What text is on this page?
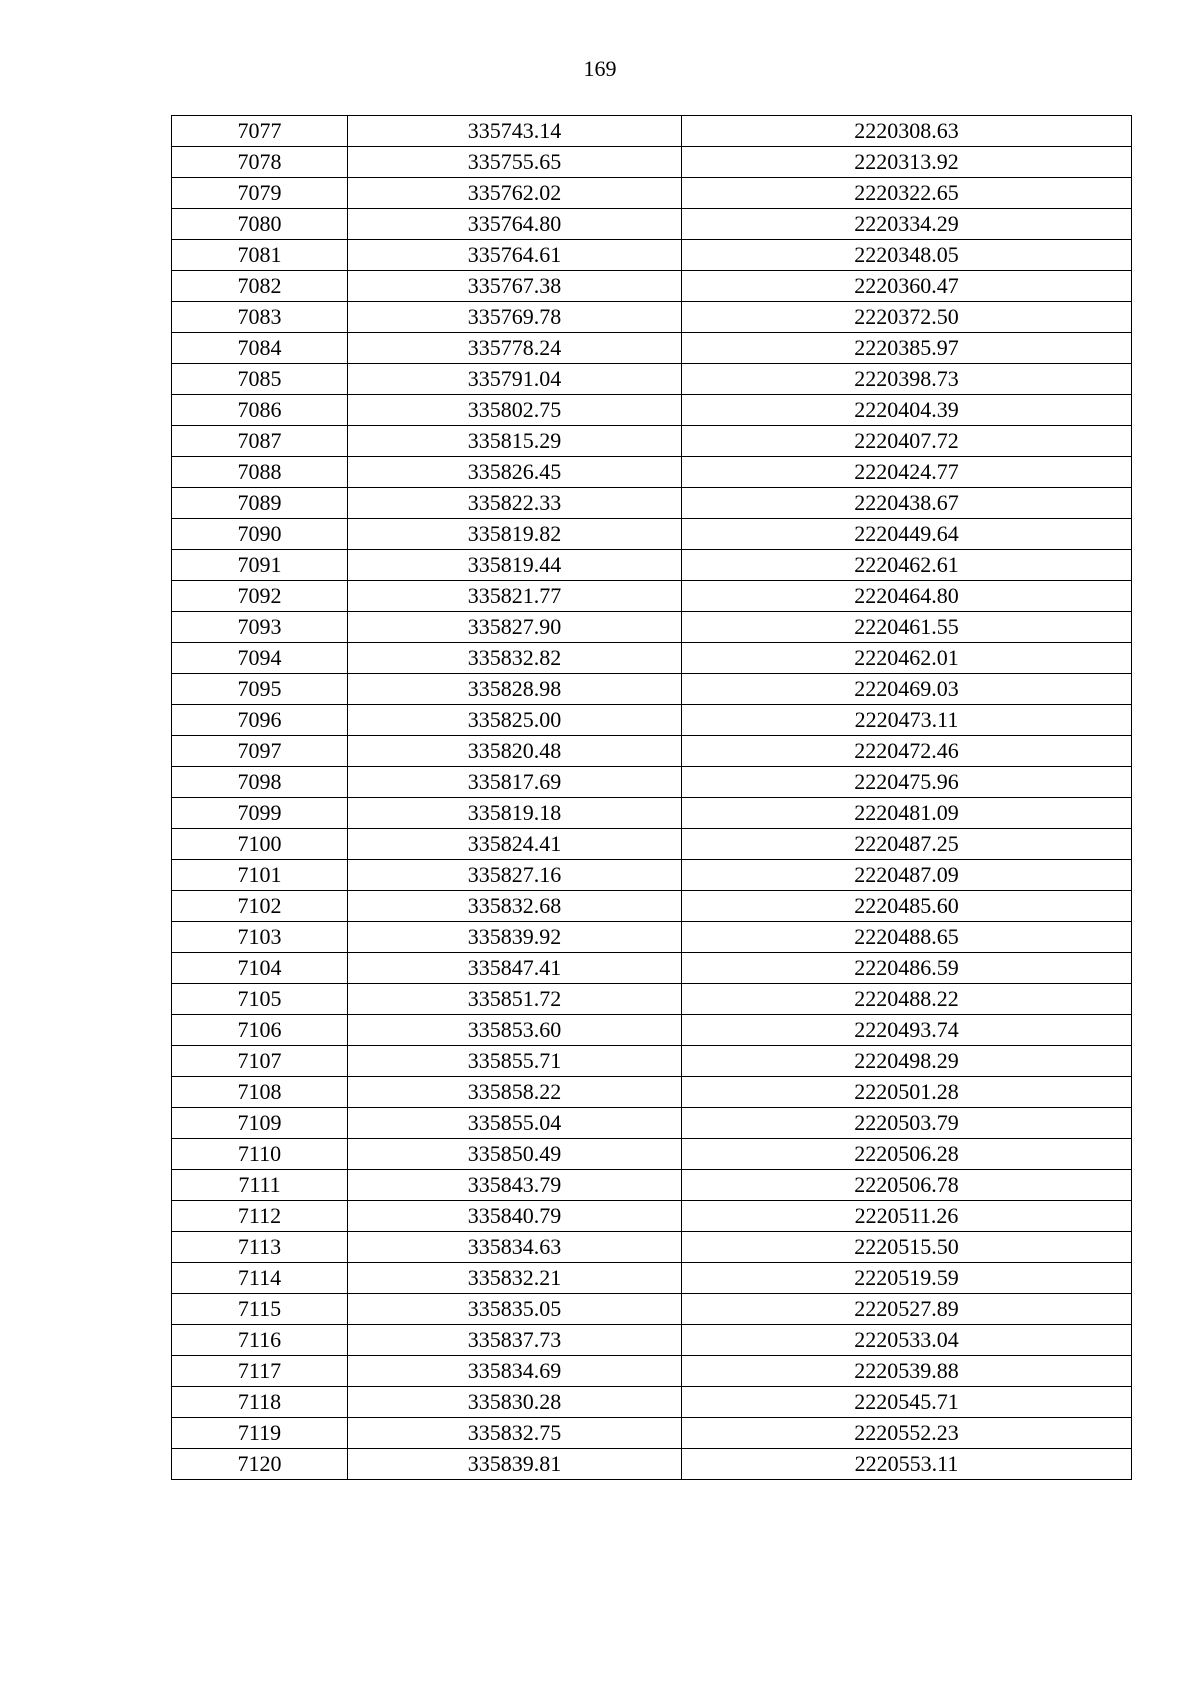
169
7077	335743.14	2220308.63
7078	335755.65	2220313.92
7079	335762.02	2220322.65
7080	335764.80	2220334.29
7081	335764.61	2220348.05
7082	335767.38	2220360.47
7083	335769.78	2220372.50
7084	335778.24	2220385.97
7085	335791.04	2220398.73
7086	335802.75	2220404.39
7087	335815.29	2220407.72
7088	335826.45	2220424.77
7089	335822.33	2220438.67
7090	335819.82	2220449.64
7091	335819.44	2220462.61
7092	335821.77	2220464.80
7093	335827.90	2220461.55
7094	335832.82	2220462.01
7095	335828.98	2220469.03
7096	335825.00	2220473.11
7097	335820.48	2220472.46
7098	335817.69	2220475.96
7099	335819.18	2220481.09
7100	335824.41	2220487.25
7101	335827.16	2220487.09
7102	335832.68	2220485.60
7103	335839.92	2220488.65
7104	335847.41	2220486.59
7105	335851.72	2220488.22
7106	335853.60	2220493.74
7107	335855.71	2220498.29
7108	335858.22	2220501.28
7109	335855.04	2220503.79
7110	335850.49	2220506.28
7111	335843.79	2220506.78
7112	335840.79	2220511.26
7113	335834.63	2220515.50
7114	335832.21	2220519.59
7115	335835.05	2220527.89
7116	335837.73	2220533.04
7117	335834.69	2220539.88
7118	335830.28	2220545.71
7119	335832.75	2220552.23
7120	335839.81	2220553.11
